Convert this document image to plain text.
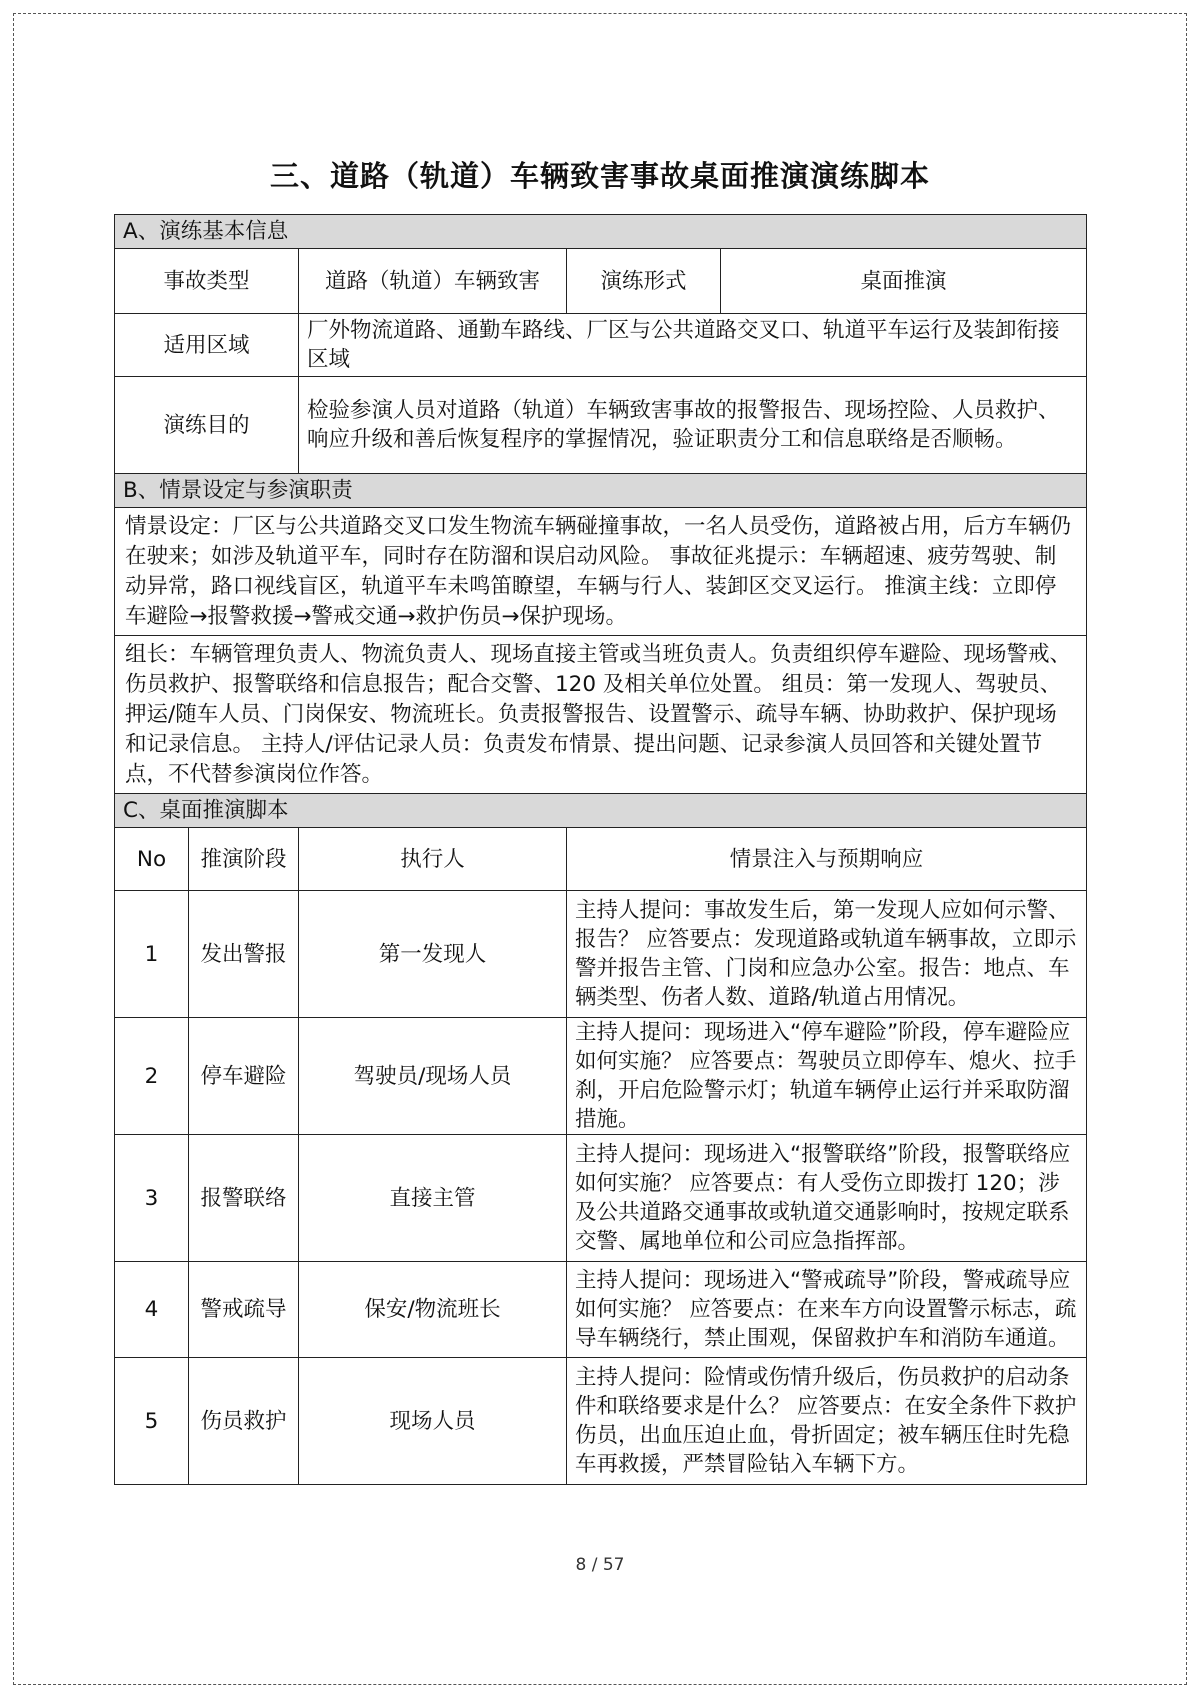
三、道路（轨道）车辆致害事故桌面推演演练脚本
A、演练基本信息				
事故类型		道路（轨道）车辆致害	演练形式	桌面推演
适用区域		厂外物流道路、通勤车路线、厂区与公共道路交叉口、轨道平车运行及装卸衔接区域		
演练目的		检验参演人员对道路（轨道）车辆致害事故的报警报告、现场控险、人员救护、响应升级和善后恢复程序的掌握情况，验证职责分工和信息联络是否顺畅。		
B、情景设定与参演职责				
情景设定：厂区与公共道路交叉口发生物流车辆碰撞事故，一名人员受伤，道路被占用，后方车辆仍在驶来；如涉及轨道平车，同时存在防溜和误启动风险。 事故征兆提示：车辆超速、疲劳驾驶、制动异常，路口视线盲区，轨道平车未鸣笛瞭望，车辆与行人、装卸区交叉运行。 推演主线：立即停车避险→报警救援→警戒交通→救护伤员→保护现场。				
组长：车辆管理负责人、物流负责人、现场直接主管或当班负责人。负责组织停车避险、现场警戒、伤员救护、报警联络和信息报告；配合交警、120 及相关单位处置。 组员：第一发现人、驾驶员、押运/随车人员、门岗保安、物流班长。负责报警报告、设置警示、疏导车辆、协助救护、保护现场和记录信息。 主持人/评估记录人员：负责发布情景、提出问题、记录参演人员回答和关键处置节点，不代替参演岗位作答。				
C、桌面推演脚本				
No	推演阶段	执行人	情景注入与预期响应	
1	发出警报	第一发现人	主持人提问：事故发生后，第一发现人应如何示警、报告？ 应答要点：发现道路或轨道车辆事故，立即示警并报告主管、门岗和应急办公室。报告：地点、车辆类型、伤者人数、道路/轨道占用情况。	
2	停车避险	驾驶员/现场人员	主持人提问：现场进入“停车避险”阶段，停车避险应如何实施？ 应答要点：驾驶员立即停车、熄火、拉手刹，开启危险警示灯；轨道车辆停止运行并采取防溜措施。	
3	报警联络	直接主管	主持人提问：现场进入“报警联络”阶段，报警联络应如何实施？ 应答要点：有人受伤立即拨打 120；涉及公共道路交通事故或轨道交通影响时，按规定联系交警、属地单位和公司应急指挥部。	
4	警戒疏导	保安/物流班长	主持人提问：现场进入“警戒疏导”阶段，警戒疏导应如何实施？ 应答要点：在来车方向设置警示标志，疏导车辆绕行，禁止围观，保留救护车和消防车通道。	
5	伤员救护	现场人员	主持人提问：险情或伤情升级后，伤员救护的启动条件和联络要求是什么？ 应答要点：在安全条件下救护伤员，出血压迫止血，骨折固定；被车辆压住时先稳车再救援，严禁冒险钻入车辆下方。	
8 / 57
